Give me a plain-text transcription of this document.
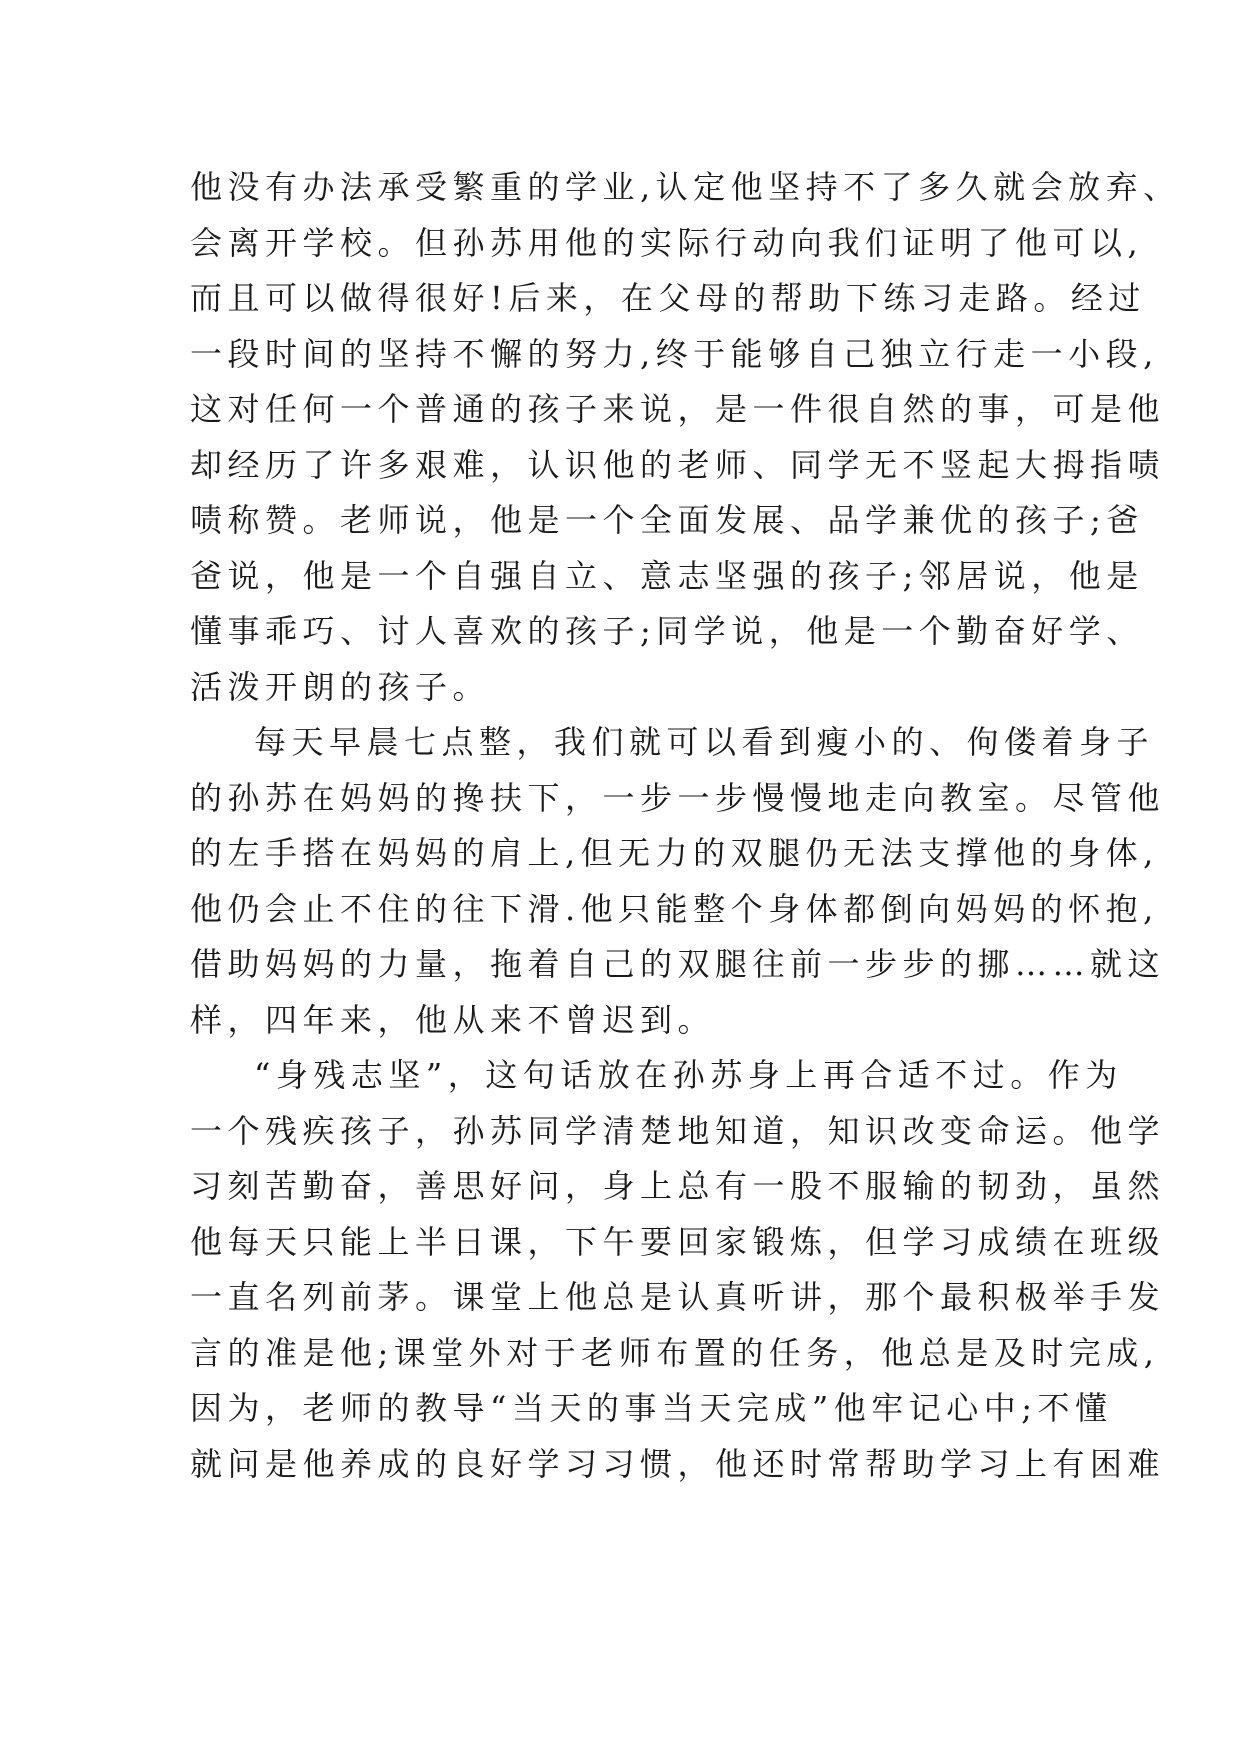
他没有办法承受繁重的学业,认定他坚持不了多久就会放弃、
会离开学校。但孙苏用他的实际行动向我们证明了他可以,
而且可以做得很好!后来，在父母的帮助下练习走路。经过
一段时间的坚持不懈的努力,终于能够自己独立行走一小段,
这对任何一个普通的孩子来说，是一件很自然的事，可是他
却经历了许多艰难，认识他的老师、同学无不竖起大拇指啧
啧称赞。老师说，他是一个全面发展、品学兼优的孩子;爸
爸说，他是一个自强自立、意志坚强的孩子;邻居说，他是
懂事乖巧、讨人喜欢的孩子;同学说，他是一个勤奋好学、
活泼开朗的孩子。
每天早晨七点整，我们就可以看到瘦小的、佝偻着身子
的孙苏在妈妈的搀扶下，一步一步慢慢地走向教室。尽管他
的左手搭在妈妈的肩上,但无力的双腿仍无法支撑他的身体,
他仍会止不住的往下滑.他只能整个身体都倒向妈妈的怀抱,
借助妈妈的力量，拖着自己的双腿往前一步步的挪……就这
样，四年来，他从来不曾迟到。
“身残志坚”，这句话放在孙苏身上再合适不过。作为
一个残疾孩子，孙苏同学清楚地知道，知识改变命运。他学
习刻苦勤奋，善思好问，身上总有一股不服输的韧劲，虽然
他每天只能上半日课，下午要回家锻炼，但学习成绩在班级
一直名列前茅。课堂上他总是认真听讲，那个最积极举手发
言的准是他;课堂外对于老师布置的任务，他总是及时完成,
因为，老师的教导“当天的事当天完成”他牢记心中;不懂
就问是他养成的良好学习习惯，他还时常帮助学习上有困难
